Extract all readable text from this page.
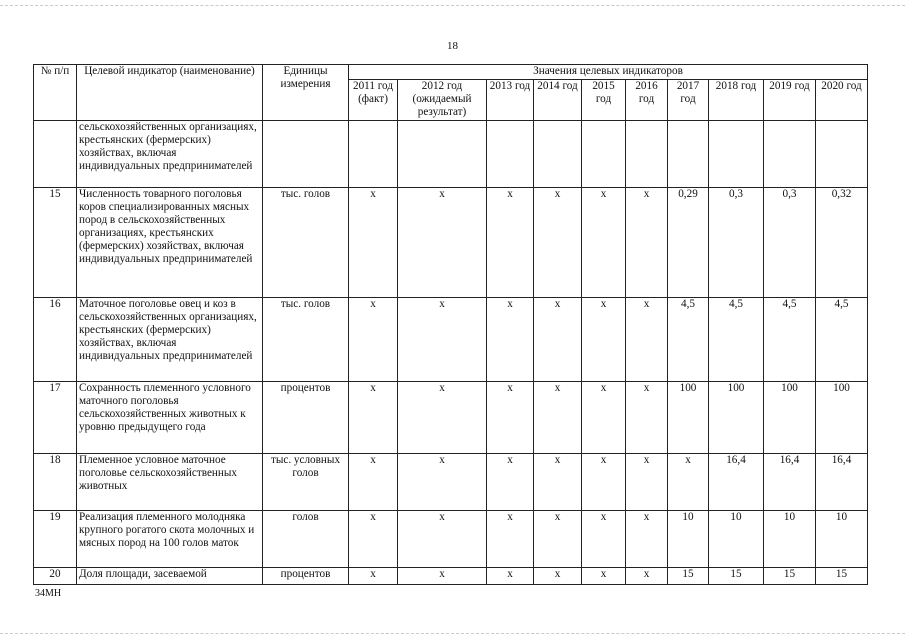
18
№ п/п	Целевой индикатор (наименование)	Единицы измерения	Значения целевых индикаторов									
			2011 год (факт)	2012 год (ожидаемый результат)	2013 год	2014 год	2015 год	2016 год	2017 год	2018 год	2019 год	2020 год
	сельскохозяйственных организациях, крестьянских (фермерских) хозяйствах, включая индивидуальных предпринимателей											
15	Численность товарного поголовья коров специализированных мясных пород в сельскохозяйственных организациях, крестьянских (фермерских) хозяйствах, включая индивидуальных предпринимателей	тыс. голов	х	х	х	х	х	х	0,29	0,3	0,3	0,32
16	Маточное поголовье овец и коз в сельскохозяйственных организациях, крестьянских (фермерских) хозяйствах, включая индивидуальных предпринимателей	тыс. голов	х	х	х	х	х	х	4,5	4,5	4,5	4,5
17	Сохранность племенного условного маточного поголовья сельскохозяйственных животных к уровню предыдущего года	процентов	х	х	х	х	х	х	100	100	100	100
18	Племенное условное маточное поголовье сельскохозяйственных животных	тыс. условных голов	х	х	х	х	х	х	х	16,4	16,4	16,4
19	Реализация племенного молодняка крупного рогатого скота молочных и мясных пород на 100 голов маток	голов	х	х	х	х	х	х	10	10	10	10
20	Доля площади, засеваемой	процентов	х	х	х	х	х	х	15	15	15	15
34МН
